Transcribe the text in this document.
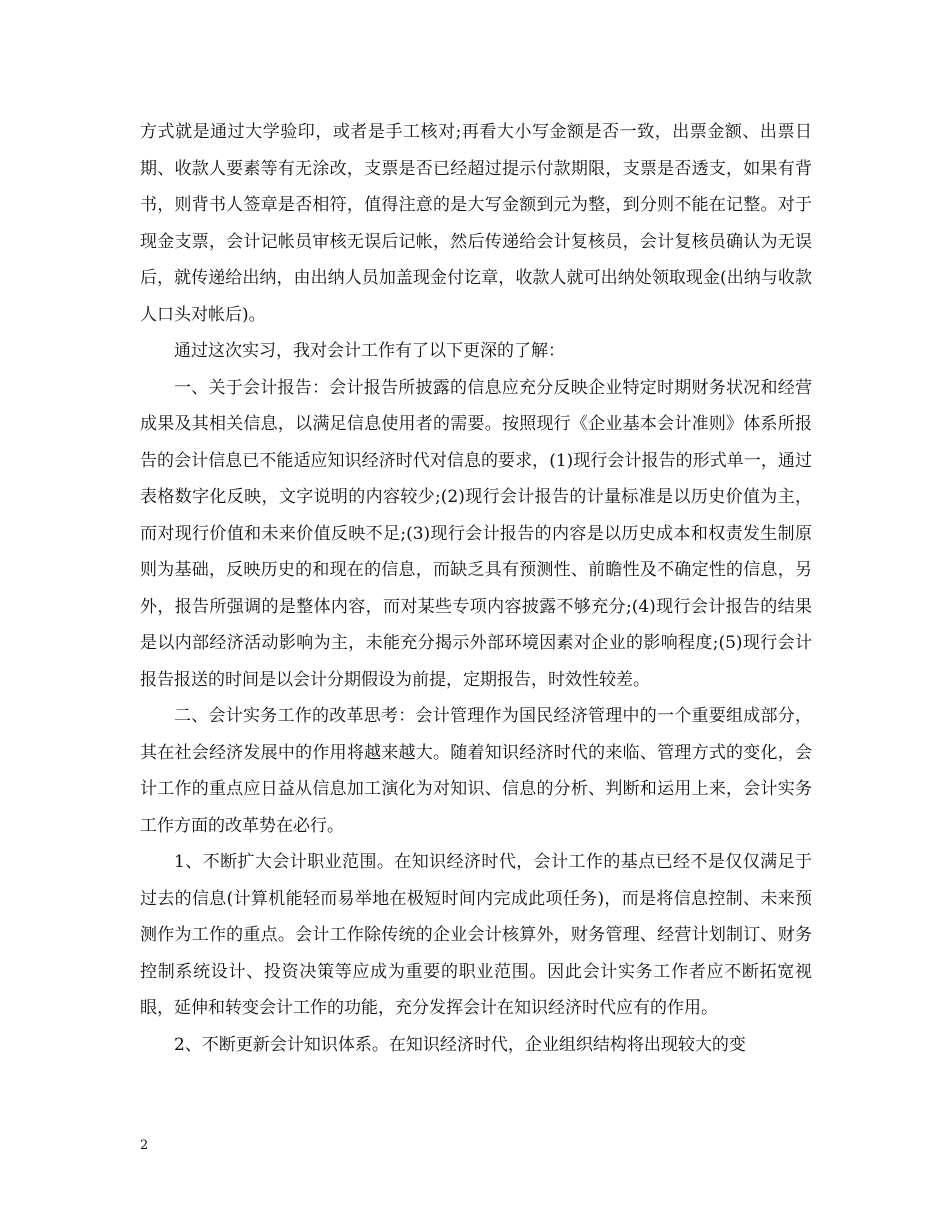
方式就是通过大学验印，或者是手工核对;再看大小写金额是否一致，出票金额、出票日期、收款人要素等有无涂改，支票是否已经超过提示付款期限，支票是否透支，如果有背书，则背书人签章是否相符，值得注意的是大写金额到元为整，到分则不能在记整。对于现金支票，会计记帐员审核无误后记帐，然后传递给会计复核员，会计复核员确认为无误后，就传递给出纳，由出纳人员加盖现金付讫章，收款人就可出纳处领取现金(出纳与收款人口头对帐后)。

通过这次实习，我对会计工作有了以下更深的了解：

一、关于会计报告：会计报告所披露的信息应充分反映企业特定时期财务状况和经营成果及其相关信息，以满足信息使用者的需要。按照现行《企业基本会计准则》体系所报告的会计信息已不能适应知识经济时代对信息的要求，(1)现行会计报告的形式单一，通过表格数字化反映，文字说明的内容较少;(2)现行会计报告的计量标准是以历史价值为主，而对现行价值和未来价值反映不足;(3)现行会计报告的内容是以历史成本和权责发生制原则为基础，反映历史的和现在的信息，而缺乏具有预测性、前瞻性及不确定性的信息，另外，报告所强调的是整体内容，而对某些专项内容披露不够充分;(4)现行会计报告的结果是以内部经济活动影响为主，未能充分揭示外部环境因素对企业的影响程度;(5)现行会计报告报送的时间是以会计分期假设为前提，定期报告，时效性较差。

二、会计实务工作的改革思考：会计管理作为国民经济管理中的一个重要组成部分，其在社会经济发展中的作用将越来越大。随着知识经济时代的来临、管理方式的变化，会计工作的重点应日益从信息加工演化为对知识、信息的分析、判断和运用上来，会计实务工作方面的改革势在必行。

1、不断扩大会计职业范围。在知识经济时代，会计工作的基点已经不是仅仅满足于过去的信息(计算机能轻而易举地在极短时间内完成此项任务)，而是将信息控制、未来预测作为工作的重点。会计工作除传统的企业会计核算外，财务管理、经营计划制订、财务控制系统设计、投资决策等应成为重要的职业范围。因此会计实务工作者应不断拓宽视眼，延伸和转变会计工作的功能，充分发挥会计在知识经济时代应有的作用。

2、不断更新会计知识体系。在知识经济时代，企业组织结构将出现较大的变

2
